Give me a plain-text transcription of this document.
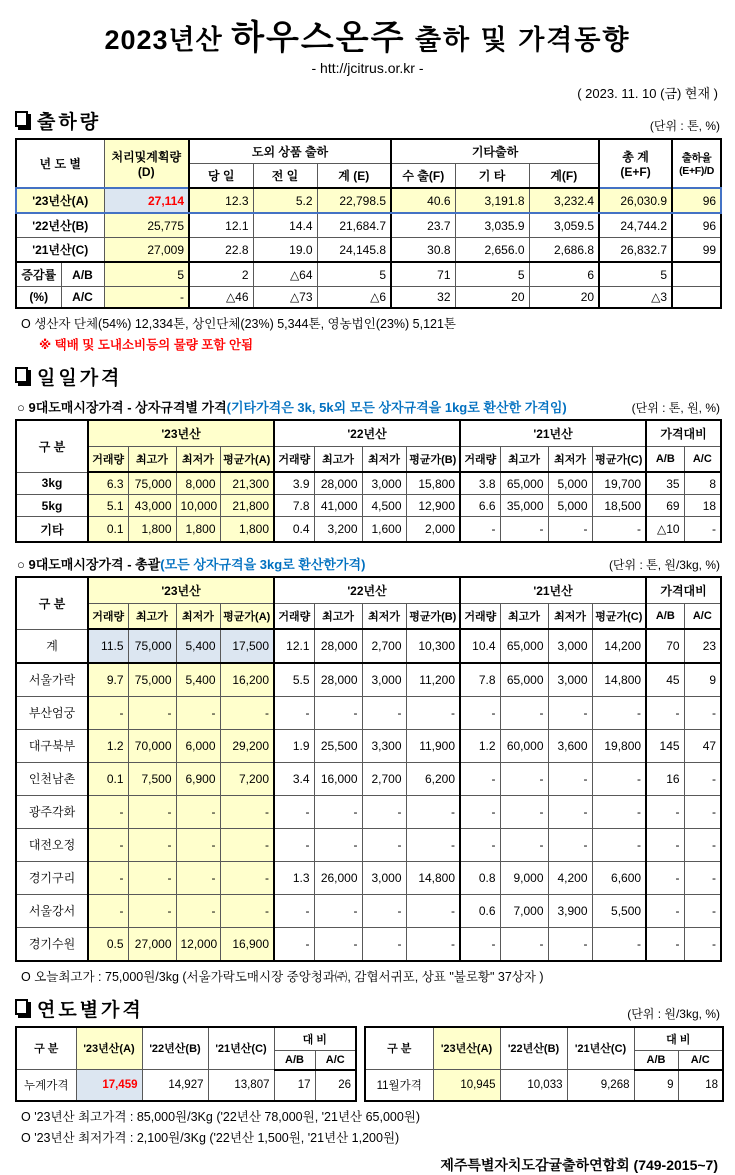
2023년산 하우스온주 출하 및 가격동향
- htt://jcitrus.or.kr -
( 2023. 11. 10 (금) 현재 )
출하량	(단위 : 톤, %)
년 도 별		처리및계획량
(D)	도외 상품 출하			기타출하			총 계
(E+F)	출하율
(E+F)/D
			당 일	전 일	계 (E)	수 출(F)	기 타	계(F)		
'23년산(A)		27,114	12.3	5.2	22,798.5	40.6	3,191.8	3,232.4	26,030.9	96
'22년산(B)		25,775	12.1	14.4	21,684.7	23.7	3,035.9	3,059.5	24,744.2	96
'21년산(C)		27,009	22.8	19.0	24,145.8	30.8	2,656.0	2,686.8	26,832.7	99
증감률	A/B	5	2	△64	5	71	5	6	5	
(%)	A/C	-	△46	△73	△6	32	20	20	△3	
O 생산자 단체(54%) 12,334톤, 상인단체(23%) 5,344톤, 영농법인(23%) 5,121톤
※ 택배 및 도내소비등의 물량 포함 안됨
일일가격
○ 9대도매시장가격 - 상자규격별 가격(기타가격은 3k, 5k외 모든 상자규격을 1kg로 환산한 가격임)	(단위 : 톤, 원, %)
구 분	'23년산				'22년산				'21년산				가격대비	
	거래량	최고가	최저가	평균가(A)	거래량	최고가	최저가	평균가(B)	거래량	최고가	최저가	평균가(C)	A/B	A/C
3kg	6.3	75,000	8,000	21,300	3.9	28,000	3,000	15,800	3.8	65,000	5,000	19,700	35	8
5kg	5.1	43,000	10,000	21,800	7.8	41,000	4,500	12,900	6.6	35,000	5,000	18,500	69	18
기타	0.1	1,800	1,800	1,800	0.4	3,200	1,600	2,000	-	-	-	-	△10	-
○ 9대도매시장가격 - 총괄(모든 상자규격을 3kg로 환산한가격)	(단위 : 톤, 원/3kg, %)
구 분	'23년산				'22년산				'21년산				가격대비	
	거래량	최고가	최저가	평균가(A)	거래량	최고가	최저가	평균가(B)	거래량	최고가	최저가	평균가(C)	A/B	A/C
계	11.5	75,000	5,400	17,500	12.1	28,000	2,700	10,300	10.4	65,000	3,000	14,200	70	23
서울가락	9.7	75,000	5,400	16,200	5.5	28,000	3,000	11,200	7.8	65,000	3,000	14,800	45	9
부산엄궁	-	-	-	-	-	-	-	-	-	-	-	-	-	-
대구북부	1.2	70,000	6,000	29,200	1.9	25,500	3,300	11,900	1.2	60,000	3,600	19,800	145	47
인천남촌	0.1	7,500	6,900	7,200	3.4	16,000	2,700	6,200	-	-	-	-	16	-
광주각화	-	-	-	-	-	-	-	-	-	-	-	-	-	-
대전오정	-	-	-	-	-	-	-	-	-	-	-	-	-	-
경기구리	-	-	-	-	1.3	26,000	3,000	14,800	0.8	9,000	4,200	6,600	-	-
서울강서	-	-	-	-	-	-	-	-	0.6	7,000	3,900	5,500	-	-
경기수원	0.5	27,000	12,000	16,900	-	-	-	-	-	-	-	-	-	-
O 오늘최고가 : 75,000원/3kg (서울가락도매시장 중앙청과㈜, 감협서귀포, 상표 "불로황" 37상자 )
연도별가격	(단위 : 원/3kg, %)
구 분	'23년산(A)	'22년산(B)	'21년산(C)	대 비	
				A/B	A/C
누계가격	17,459	14,927	13,807	17	26
구 분	'23년산(A)	'22년산(B)	'21년산(C)	대 비	
				A/B	A/C
11월가격	10,945	10,033	9,268	9	18
O '23년산 최고가격 : 85,000원/3Kg ('22년산 78,000원, '21년산 65,000원)
O '23년산 최저가격 : 2,100원/3Kg ('22년산 1,500원, '21년산 1,200원)
제주특별자치도감귤출하연합회 (749-2015~7)
